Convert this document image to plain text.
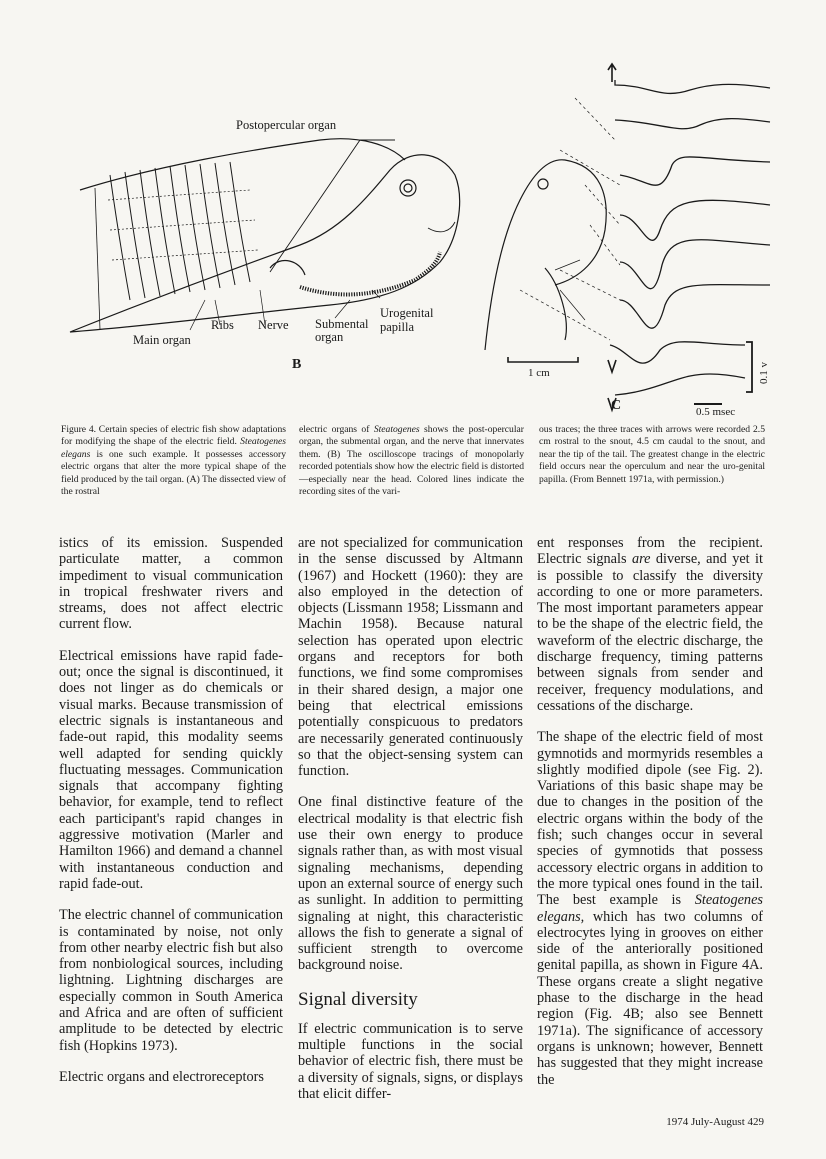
Postopercular organ
Urogenital
papilla
Submental
organ
Ribs Nerve
Main organ
B
C
1 cm
0.5 msec
0.1 v
Figure 4. Certain species of electric fish show adaptations for modifying the shape of the electric field. Steatogenes elegans is one such example. It possesses accessory electric organs that alter the more typical shape of the field produced by the tail organ. (A) The dissected view of the rostral
electric organs of Steatogenes shows the post-opercular organ, the submental organ, and the nerve that innervates them. (B) The oscilloscope tracings of monopolarly recorded potentials show how the electric field is distorted—especially near the head. Colored lines indicate the recording sites of the vari-
ous traces; the three traces with arrows were recorded 2.5 cm rostral to the snout, 4.5 cm caudal to the snout, and near the tip of the tail. The greatest change in the electric field occurs near the operculum and near the uro-genital papilla. (From Bennett 1971a, with permission.)

istics of its emission. Suspended particulate matter, a common impediment to visual communication in tropical freshwater rivers and streams, does not affect electric current flow.

Electrical emissions have rapid fade-out; once the signal is discontinued, it does not linger as do chemicals or visual marks. Because transmission of electric signals is instantaneous and fade-out rapid, this modality seems well adapted for sending quickly fluctuating messages. Communication signals that accompany fighting behavior, for example, tend to reflect each participant's rapid changes in aggressive motivation (Marler and Hamilton 1966) and demand a channel with instantaneous conduction and rapid fade-out.

The electric channel of communication is contaminated by noise, not only from other nearby electric fish but also from nonbiological sources, including lightning. Lightning discharges are especially common in South America and Africa and are often of sufficient amplitude to be detected by electric fish (Hopkins 1973).

Electric organs and electroreceptors

are not specialized for communication in the sense discussed by Altmann (1967) and Hockett (1960): they are also employed in the detection of objects (Lissmann 1958; Lissmann and Machin 1958). Because natural selection has operated upon electric organs and receptors for both functions, we find some compromises in their shared design, a major one being that electrical emissions potentially conspicuous to predators are necessarily generated continuously so that the object-sensing system can function.

One final distinctive feature of the electrical modality is that electric fish use their own energy to produce signals rather than, as with most visual signaling mechanisms, depending upon an external source of energy such as sunlight. In addition to permitting signaling at night, this characteristic allows the fish to generate a signal of sufficient strength to overcome background noise.

Signal diversity

If electric communication is to serve multiple functions in the social behavior of electric fish, there must be a diversity of signals, signs, or displays that elicit differ-

ent responses from the recipient. Electric signals are diverse, and yet it is possible to classify the diversity according to one or more parameters. The most important parameters appear to be the shape of the electric field, the waveform of the electric discharge, the discharge frequency, timing patterns between signals from sender and receiver, frequency modulations, and cessations of the discharge.

The shape of the electric field of most gymnotids and mormyrids resembles a slightly modified dipole (see Fig. 2). Variations of this basic shape may be due to changes in the position of the electric organs within the body of the fish; such changes occur in several species of gymnotids that possess accessory electric organs in addition to the more typical ones found in the tail. The best example is Steatogenes elegans, which has two columns of electrocytes lying in grooves on either side of the anteriorally positioned genital papilla, as shown in Figure 4A. These organs create a slight negative phase to the discharge in the head region (Fig. 4B; also see Bennett 1971a). The significance of accessory organs is unknown; however, Bennett has suggested that they might increase the

1974 July-August 429
